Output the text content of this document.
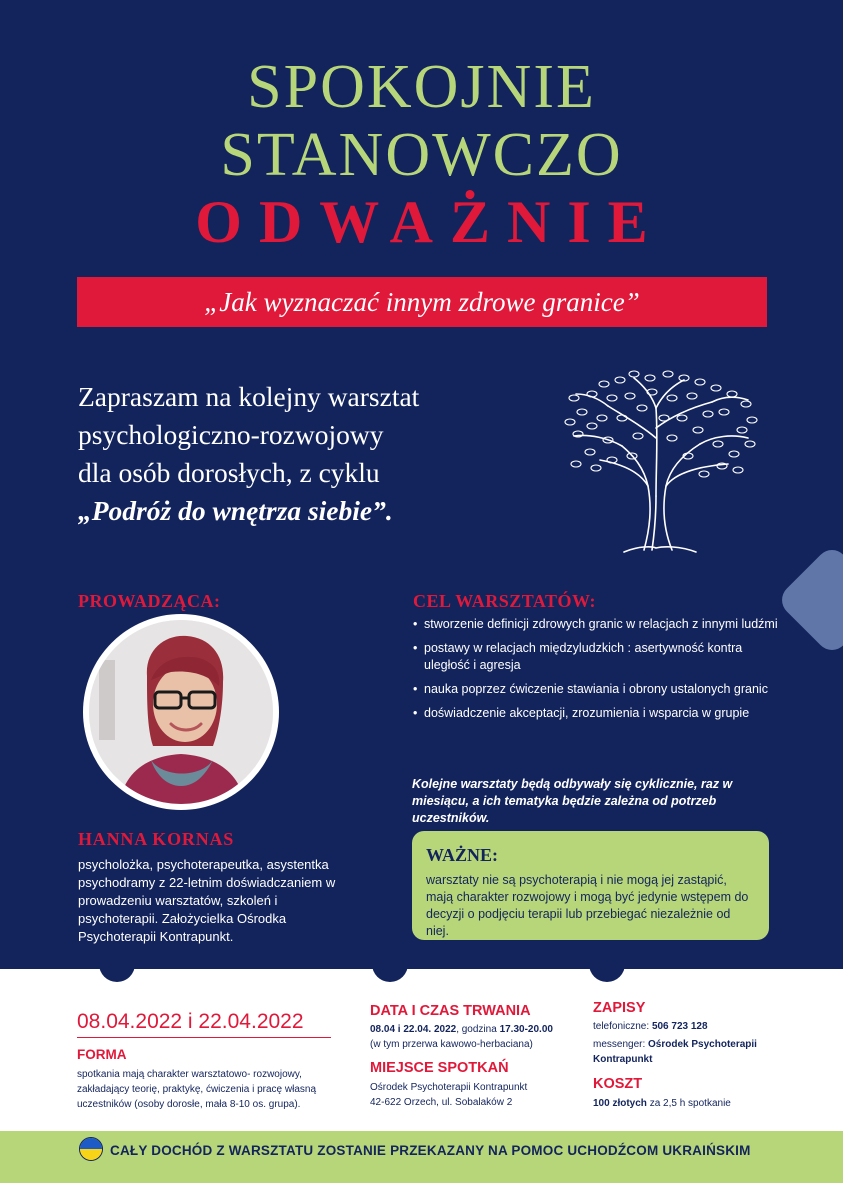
SPOKOJNIE
STANOWCZO
ODWAŻNIE
„Jak wyznaczać innym zdrowe granice”
Zapraszam na kolejny warsztat
psychologiczno-rozwojowy
dla osób dorosłych, z cyklu
„Podróż do wnętrza siebie”.
PROWADZĄCA:	CEL WARSZTATÓW:
HANNA KORNAS
psycholożka, psychoterapeutka, asystentka psychodramy z 22-letnim doświadczaniem w prowadzeniu warsztatów, szkoleń i psychoterapii. Założycielka Ośrodka Psychoterapii Kontrapunkt.
• stworzenie definicji zdrowych granic w relacjach z innymi ludźmi
• postawy w relacjach międzyludzkich : asertywność kontra uległość i agresja
• nauka poprzez ćwiczenie stawiania i obrony ustalonych granic
• doświadczenie akceptacji, zrozumienia i wsparcia w grupie
Kolejne warsztaty będą odbywały się cyklicznie, raz w miesiącu, a ich tematyka będzie zależna od potrzeb uczestników.
WAŻNE:
warsztaty nie są psychoterapią i nie mogą jej zastąpić, mają charakter rozwojowy i mogą być jedynie wstępem do decyzji o podjęciu terapii lub przebiegać niezależnie od niej.
08.04.2022 i 22.04.2022
FORMA
spotkania mają charakter warsztatowo- rozwojowy, zakładający teorię, praktykę, ćwiczenia i pracę własną uczestników (osoby dorosłe, mała 8-10 os. grupa).
DATA I CZAS TRWANIA
08.04 i 22.04. 2022, godzina 17.30-20.00
(w tym przerwa kawowo-herbaciana)
MIEJSCE SPOTKAŃ
Ośrodek Psychoterapii Kontrapunkt
42-622 Orzech, ul. Sobalaków 2
ZAPISY
telefoniczne: 506 723 128
messenger: Ośrodek Psychoterapii Kontrapunkt
KOSZT
100 złotych za 2,5 h spotkanie
CAŁY DOCHÓD Z WARSZTATU ZOSTANIE PRZEKAZANY NA POMOC UCHODŹCOM UKRAIŃSKIM
